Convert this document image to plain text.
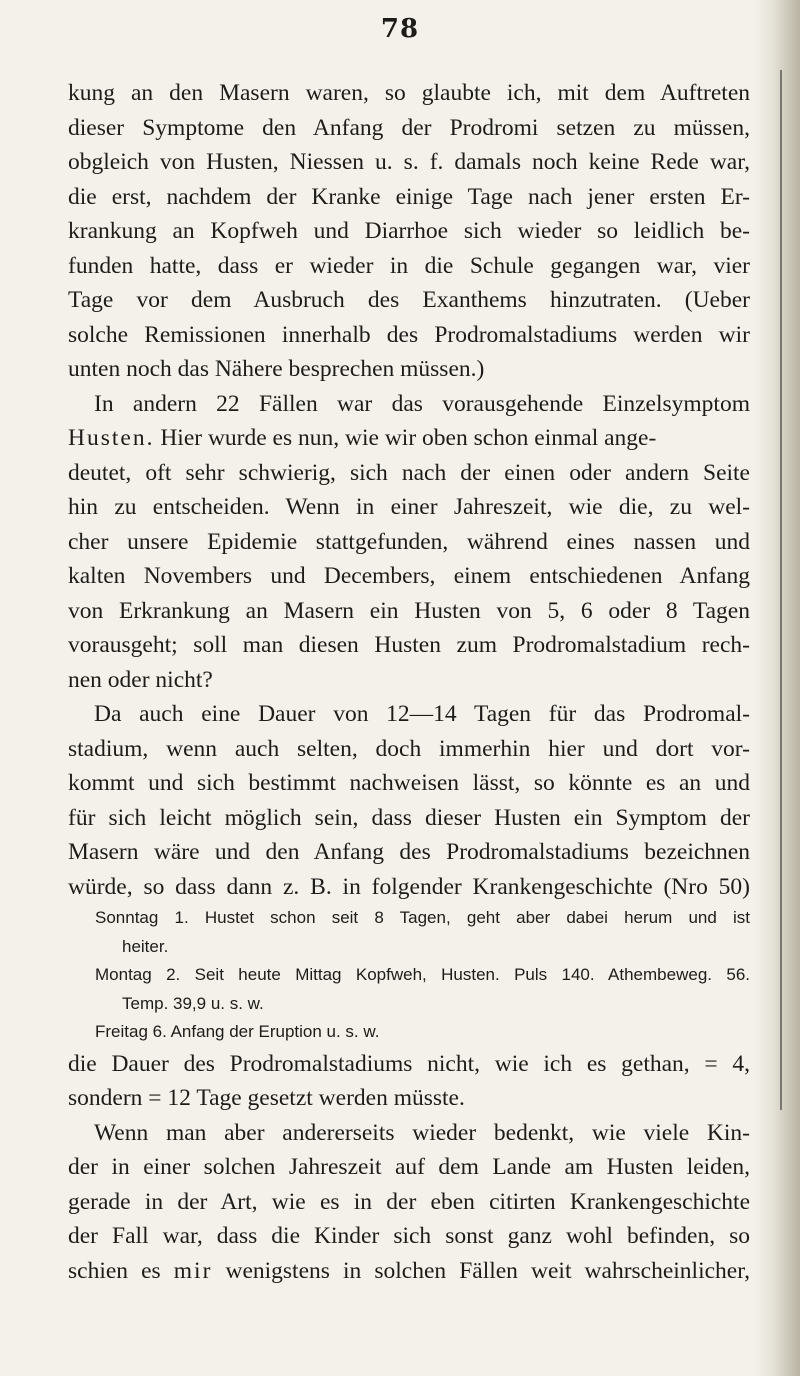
78
kung an den Masern waren, so glaubte ich, mit dem Auftreten
dieser Symptome den Anfang der Prodromi setzen zu müssen,
obgleich von Husten, Niessen u. s. f. damals noch keine Rede war,
die erst, nachdem der Kranke einige Tage nach jener ersten Er-
krankung an Kopfweh und Diarrhoe sich wieder so leidlich be-
funden hatte, dass er wieder in die Schule gegangen war, vier
Tage vor dem Ausbruch des Exanthems hinzutraten. (Ueber
solche Remissionen innerhalb des Prodromalstadiums werden wir
unten noch das Nähere besprechen müssen.)
In andern 22 Fällen war das vorausgehende Einzelsymptom
Husten. Hier wurde es nun, wie wir oben schon einmal ange-
deutet, oft sehr schwierig, sich nach der einen oder andern Seite
hin zu entscheiden. Wenn in einer Jahreszeit, wie die, zu wel-
cher unsere Epidemie stattgefunden, während eines nassen und
kalten Novembers und Decembers, einem entschiedenen Anfang
von Erkrankung an Masern ein Husten von 5, 6 oder 8 Tagen
vorausgeht; soll man diesen Husten zum Prodromalstadium rech-
nen oder nicht?
Da auch eine Dauer von 12—14 Tagen für das Prodromal-
stadium, wenn auch selten, doch immerhin hier und dort vor-
kommt und sich bestimmt nachweisen lässt, so könnte es an und
für sich leicht möglich sein, dass dieser Husten ein Symptom der
Masern wäre und den Anfang des Prodromalstadiums bezeichnen
würde, so dass dann z. B. in folgender Krankengeschichte (Nro 50)
Sonntag 1. Hustet schon seit 8 Tagen, geht aber dabei herum und ist
heiter.
Montag 2. Seit heute Mittag Kopfweh, Husten. Puls 140. Athembeweg. 56.
Temp. 39,9 u. s. w.
Freitag 6. Anfang der Eruption u. s. w.
die Dauer des Prodromalstadiums nicht, wie ich es gethan, = 4,
sondern = 12 Tage gesetzt werden müsste.
Wenn man aber andererseits wieder bedenkt, wie viele Kin-
der in einer solchen Jahreszeit auf dem Lande am Husten leiden,
gerade in der Art, wie es in der eben citirten Krankengeschichte
der Fall war, dass die Kinder sich sonst ganz wohl befinden, so
schien es mir wenigstens in solchen Fällen weit wahrscheinlicher,
